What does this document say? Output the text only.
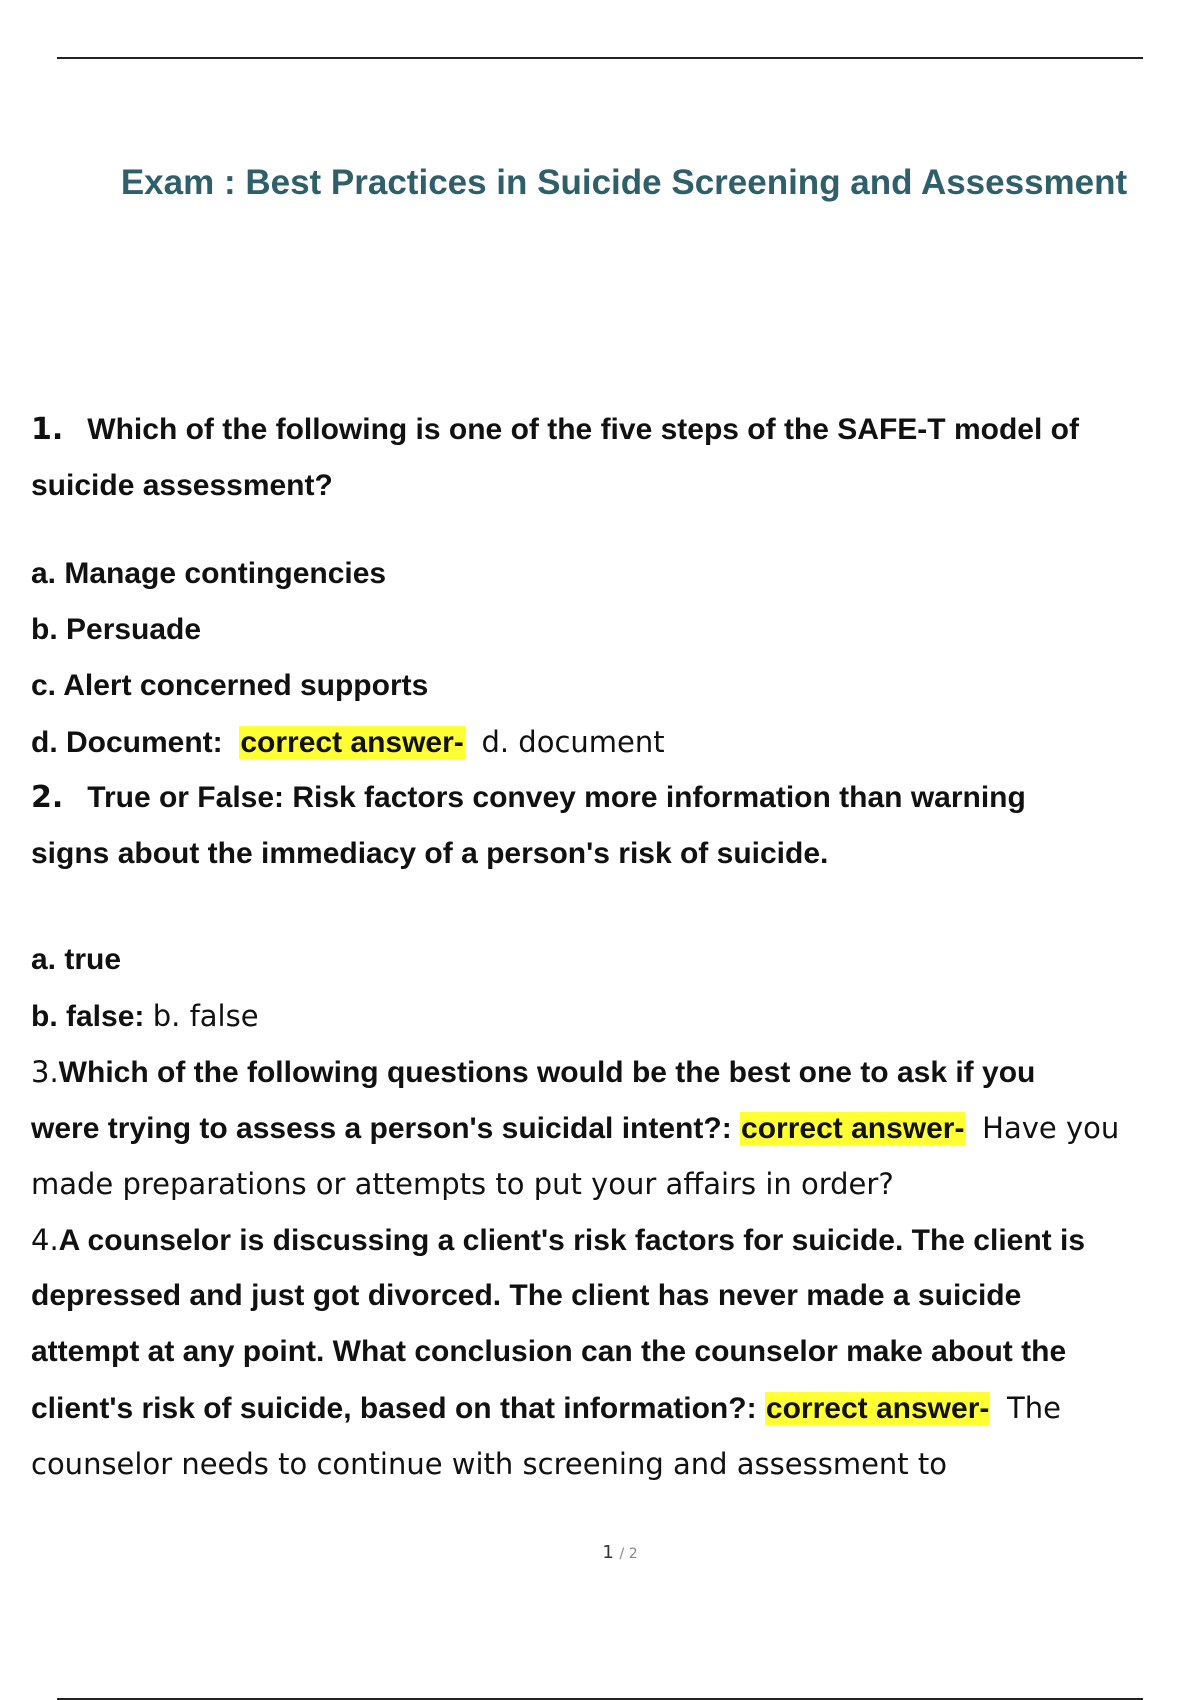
Exam : Best Practices in Suicide Screening and Assessment
1. Which of the following is one of the five steps of the SAFE-T model of
suicide assessment?
a. Manage contingencies
b. Persuade
c. Alert concerned supports
d. Document: correct answer- d. document
2. True or False: Risk factors convey more information than warning
signs about the immediacy of a person's risk of suicide.
a. true
b. false: b. false
3.Which of the following questions would be the best one to ask if you
were trying to assess a person's suicidal intent?: correct answer- Have you
made preparations or attempts to put your affairs in order?
4.A counselor is discussing a client's risk factors for suicide. The client is
depressed and just got divorced. The client has never made a suicide
attempt at any point. What conclusion can the counselor make about the
client's risk of suicide, based on that information?: correct answer- The
counselor needs to continue with screening and assessment to
1 / 2
